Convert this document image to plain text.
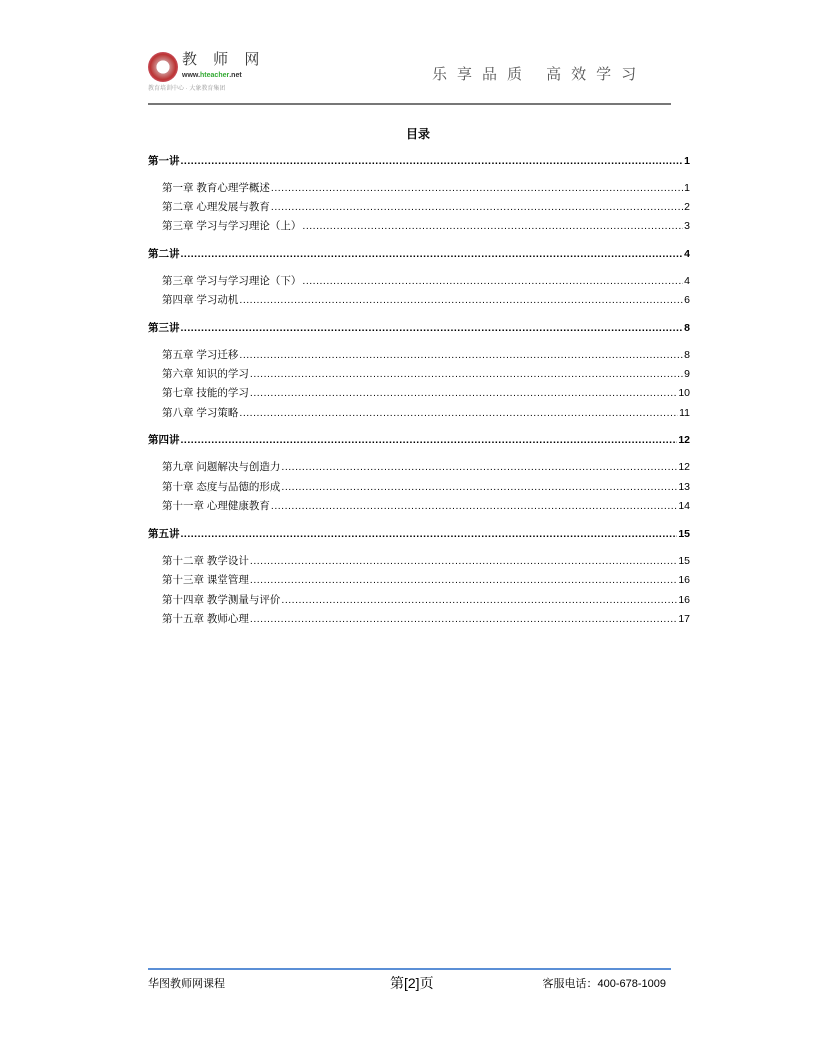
教 师 网
www.hteacher.net
教育培训中心 · 大象教育集团
乐享品质 高效学习
目录
第一讲 .....	1
第一章 教育心理学概述 .....	1
第二章 心理发展与教育 .....	2
第三章 学习与学习理论（上） .....	3
第二讲 .....	4
第三章 学习与学习理论（下） .....	4
第四章 学习动机 .....	6
第三讲 .....	8
第五章 学习迁移 .....	8
第六章 知识的学习 .....	9
第七章 技能的学习 .....	10
第八章 学习策略 .....	11
第四讲 .....	12
第九章 问题解决与创造力 .....	12
第十章 态度与品德的形成 .....	13
第十一章 心理健康教育 .....	14
第五讲 .....	15
第十二章 教学设计 .....	15
第十三章 课堂管理 .....	16
第十四章 教学测量与评价 .....	16
第十五章 教师心理 .....	17
华图教师网课程	第[2]页	客服电话：400-678-1009
